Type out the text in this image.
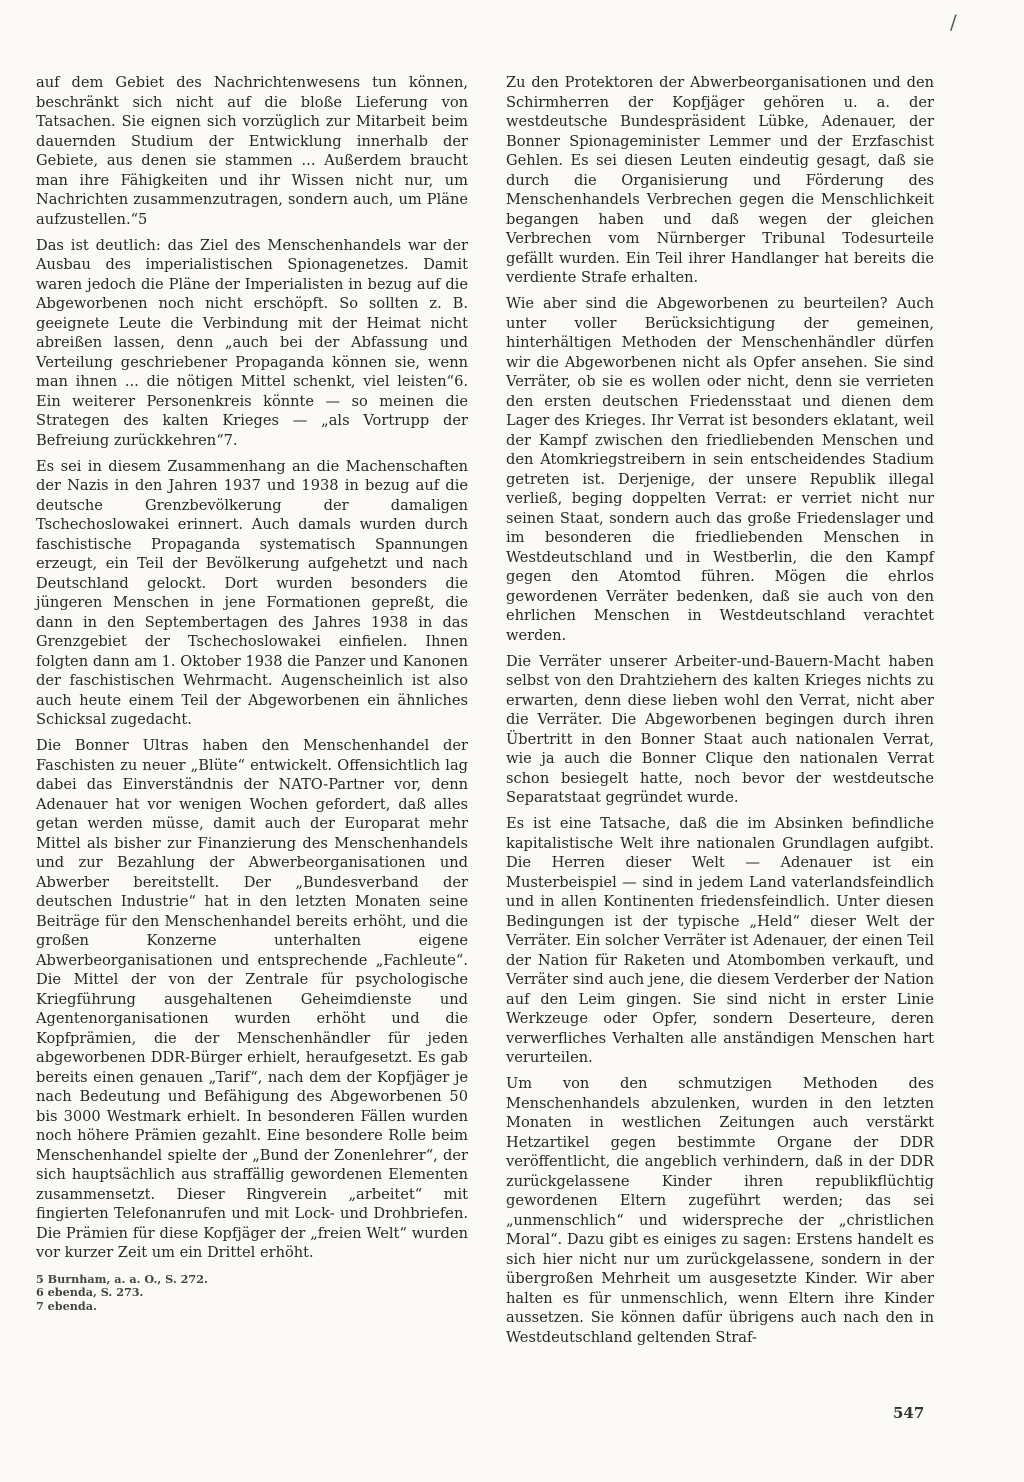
/

auf dem Gebiet des Nachrichtenwesens tun können, beschränkt sich nicht auf die bloße Lieferung von Tatsachen. Sie eignen sich vorzüglich zur Mitarbeit beim dauernden Studium der Entwicklung innerhalb der Gebiete, aus denen sie stammen ... Außerdem braucht man ihre Fähigkeiten und ihr Wissen nicht nur, um Nachrichten zusammenzutragen, sondern auch, um Pläne aufzustellen.“5

Das ist deutlich: das Ziel des Menschenhandels war der Ausbau des imperialistischen Spionagenetzes. Damit waren jedoch die Pläne der Imperialisten in bezug auf die Abgeworbenen noch nicht erschöpft. So sollten z. B. geeignete Leute die Verbindung mit der Heimat nicht abreißen lassen, denn „auch bei der Abfassung und Verteilung geschriebener Propaganda können sie, wenn man ihnen ... die nötigen Mittel schenkt, viel leisten“6. Ein weiterer Personenkreis könnte — so meinen die Strategen des kalten Krieges — „als Vortrupp der Befreiung zurückkehren“7.

Es sei in diesem Zusammenhang an die Machenschaften der Nazis in den Jahren 1937 und 1938 in bezug auf die deutsche Grenzbevölkerung der damaligen Tschechoslowakei erinnert. Auch damals wurden durch faschistische Propaganda systematisch Spannungen erzeugt, ein Teil der Bevölkerung aufgehetzt und nach Deutschland gelockt. Dort wurden besonders die jüngeren Menschen in jene Formationen gepreßt, die dann in den Septembertagen des Jahres 1938 in das Grenzgebiet der Tschechoslowakei einfielen. Ihnen folgten dann am 1. Oktober 1938 die Panzer und Kanonen der faschistischen Wehrmacht. Augenscheinlich ist also auch heute einem Teil der Abgeworbenen ein ähnliches Schicksal zugedacht.

Die Bonner Ultras haben den Menschenhandel der Faschisten zu neuer „Blüte“ entwickelt. Offensichtlich lag dabei das Einverständnis der NATO-Partner vor, denn Adenauer hat vor wenigen Wochen gefordert, daß alles getan werden müsse, damit auch der Europarat mehr Mittel als bisher zur Finanzierung des Menschenhandels und zur Bezahlung der Abwerbeorganisationen und Abwerber bereitstellt. Der „Bundesverband der deutschen Industrie“ hat in den letzten Monaten seine Beiträge für den Menschenhandel bereits erhöht, und die großen Konzerne unterhalten eigene Abwerbeorganisationen und entsprechende „Fachleute“. Die Mittel der von der Zentrale für psychologische Kriegführung ausgehaltenen Geheimdienste und Agentenorganisationen wurden erhöht und die Kopfprämien, die der Menschenhändler für jeden abgeworbenen DDR-Bürger erhielt, heraufgesetzt. Es gab bereits einen genauen „Tarif“, nach dem der Kopfjäger je nach Bedeutung und Befähigung des Abgeworbenen 50 bis 3000 Westmark erhielt. In besonderen Fällen wurden noch höhere Prämien gezahlt. Eine besondere Rolle beim Menschenhandel spielte der „Bund der Zonenlehrer“, der sich hauptsächlich aus straffällig gewordenen Elementen zusammensetzt. Dieser Ringverein „arbeitet“ mit fingierten Telefonanrufen und mit Lock- und Drohbriefen. Die Prämien für diese Kopfjäger der „freien Welt“ wurden vor kurzer Zeit um ein Drittel erhöht.

5 Burnham, a. a. O., S. 272.
6 ebenda, S. 273.
7 ebenda.

Zu den Protektoren der Abwerbeorganisationen und den Schirmherren der Kopfjäger gehören u. a. der westdeutsche Bundespräsident Lübke, Adenauer, der Bonner Spionageminister Lemmer und der Erzfaschist Gehlen. Es sei diesen Leuten eindeutig gesagt, daß sie durch die Organisierung und Förderung des Menschenhandels Verbrechen gegen die Menschlichkeit begangen haben und daß wegen der gleichen Verbrechen vom Nürnberger Tribunal Todesurteile gefällt wurden. Ein Teil ihrer Handlanger hat bereits die verdiente Strafe erhalten.

Wie aber sind die Abgeworbenen zu beurteilen? Auch unter voller Berücksichtigung der gemeinen, hinterhältigen Methoden der Menschenhändler dürfen wir die Abgeworbenen nicht als Opfer ansehen. Sie sind Verräter, ob sie es wollen oder nicht, denn sie verrieten den ersten deutschen Friedensstaat und dienen dem Lager des Krieges. Ihr Verrat ist besonders eklatant, weil der Kampf zwischen den friedliebenden Menschen und den Atomkriegstreibern in sein entscheidendes Stadium getreten ist. Derjenige, der unsere Republik illegal verließ, beging doppelten Verrat: er verriet nicht nur seinen Staat, sondern auch das große Friedenslager und im besonderen die friedliebenden Menschen in Westdeutschland und in Westberlin, die den Kampf gegen den Atomtod führen. Mögen die ehrlos gewordenen Verräter bedenken, daß sie auch von den ehrlichen Menschen in Westdeutschland verachtet werden.

Die Verräter unserer Arbeiter-und-Bauern-Macht haben selbst von den Drahtziehern des kalten Krieges nichts zu erwarten, denn diese lieben wohl den Verrat, nicht aber die Verräter. Die Abgeworbenen begingen durch ihren Übertritt in den Bonner Staat auch nationalen Verrat, wie ja auch die Bonner Clique den nationalen Verrat schon besiegelt hatte, noch bevor der westdeutsche Separatstaat gegründet wurde.

Es ist eine Tatsache, daß die im Absinken befindliche kapitalistische Welt ihre nationalen Grundlagen aufgibt. Die Herren dieser Welt — Adenauer ist ein Musterbeispiel — sind in jedem Land vaterlandsfeindlich und in allen Kontinenten friedensfeindlich. Unter diesen Bedingungen ist der typische „Held“ dieser Welt der Verräter. Ein solcher Verräter ist Adenauer, der einen Teil der Nation für Raketen und Atombomben verkauft, und Verräter sind auch jene, die diesem Verderber der Nation auf den Leim gingen. Sie sind nicht in erster Linie Werkzeuge oder Opfer, sondern Deserteure, deren verwerfliches Verhalten alle anständigen Menschen hart verurteilen.

Um von den schmutzigen Methoden des Menschenhandels abzulenken, wurden in den letzten Monaten in westlichen Zeitungen auch verstärkt Hetzartikel gegen bestimmte Organe der DDR veröffentlicht, die angeblich verhindern, daß in der DDR zurückgelassene Kinder ihren republikflüchtig gewordenen Eltern zugeführt werden; das sei „unmenschlich“ und widerspreche der „christlichen Moral“. Dazu gibt es einiges zu sagen: Erstens handelt es sich hier nicht nur um zurückgelassene, sondern in der übergroßen Mehrheit um ausgesetzte Kinder. Wir aber halten es für unmenschlich, wenn Eltern ihre Kinder aussetzen. Sie können dafür übrigens auch nach den in Westdeutschland geltenden Straf-

547
